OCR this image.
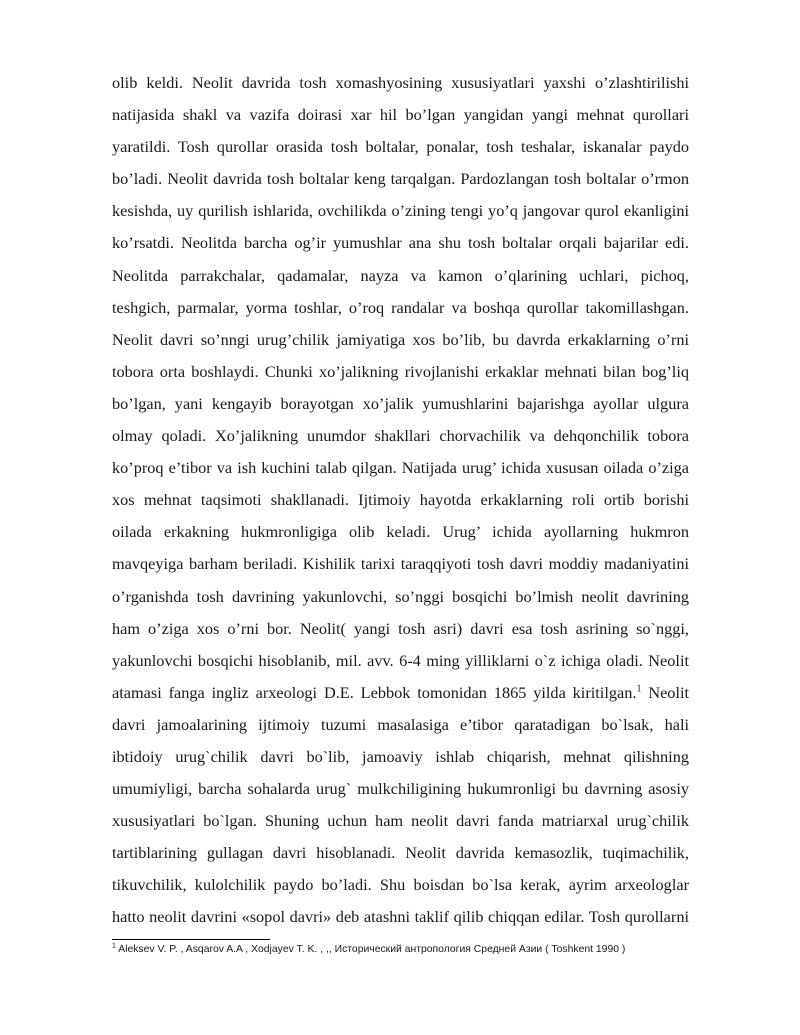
olib keldi. Neolit davrida tosh xomashyosining xususiyatlari yaxshi o’zlashtirilishi
natijasida shakl va vazifa doirasi xar hil bo’lgan yangidan yangi mehnat qurollari
yaratildi. Tosh qurollar orasida tosh boltalar, ponalar, tosh teshalar, iskanalar paydo
bo’ladi. Neolit davrida tosh boltalar keng tarqalgan. Pardozlangan tosh boltalar o’rmon
kesishda, uy qurilish ishlarida, ovchilikda o’zining tengi yo’q jangovar qurol ekanligini
ko’rsatdi. Neolitda barcha og’ir yumushlar ana shu tosh boltalar orqali bajarilar edi.
Neolitda parrakchalar, qadamalar, nayza va kamon o’qlarining uchlari, pichoq,
teshgich, parmalar, yorma toshlar, o’roq randalar va boshqa qurollar takomillashgan.
Neolit davri so’nngi urug’chilik jamiyatiga xos bo’lib, bu davrda erkaklarning o’rni
tobora orta boshlaydi. Chunki xo’jalikning rivojlanishi erkaklar mehnati bilan bog’liq
bo’lgan, yani kengayib borayotgan xo’jalik yumushlarini bajarishga ayollar ulgura
olmay qoladi. Xo’jalikning unumdor shakllari chorvachilik va dehqonchilik tobora
ko’proq e’tibor va ish kuchini talab qilgan. Natijada urug’ ichida xususan oilada o’ziga
xos mehnat taqsimoti shakllanadi. Ijtimoiy hayotda erkaklarning roli ortib borishi
oilada erkakning hukmronligiga olib keladi. Urug’ ichida ayollarning hukmron
mavqeyiga barham beriladi. Kishilik tarixi taraqqiyoti tosh davri moddiy madaniyatini
o’rganishda tosh davrining yakunlovchi, so’nggi bosqichi bo’lmish neolit davrining
ham o’ziga xos o’rni bor. Neolit( yangi tosh asri) davri esa tosh asrining so`nggi,
yakunlovchi bosqichi hisoblanib, mil. avv. 6-4 ming yilliklarni o`z ichiga oladi. Neolit
atamasi fanga ingliz arxeologi D.E. Lebbok tomonidan 1865 yilda kiritilgan.$^1$ Neolit
davri jamoalarining ijtimoiy tuzumi masalasiga e’tibor qaratadigan bo`lsak, hali
ibtidoiy urug`chilik davri bo`lib, jamoaviy ishlab chiqarish, mehnat qilishning
umumiyligi, barcha sohalarda urug` mulkchiligining hukumronligi bu davrning asosiy
xususiyatlari bo`lgan. Shuning uchun ham neolit davri fanda matriarxal urug`chilik
tartiblarining gullagan davri hisoblanadi. Neolit davrida kemasozlik, tuqimachilik,
tikuvchilik, kulolchilik paydo bo’ladi. Shu boisdan bo`lsa kerak, ayrim arxeologlar
hatto neolit davrini «sopol davri» deb atashni taklif qilib chiqqan edilar. Tosh qurollarni
$^1$ Aleksev V. P. , Asqarov A.A , Xodjayev T. K. , ,, Исторический антропология Средней Азии ( Toshkent 1990 )
